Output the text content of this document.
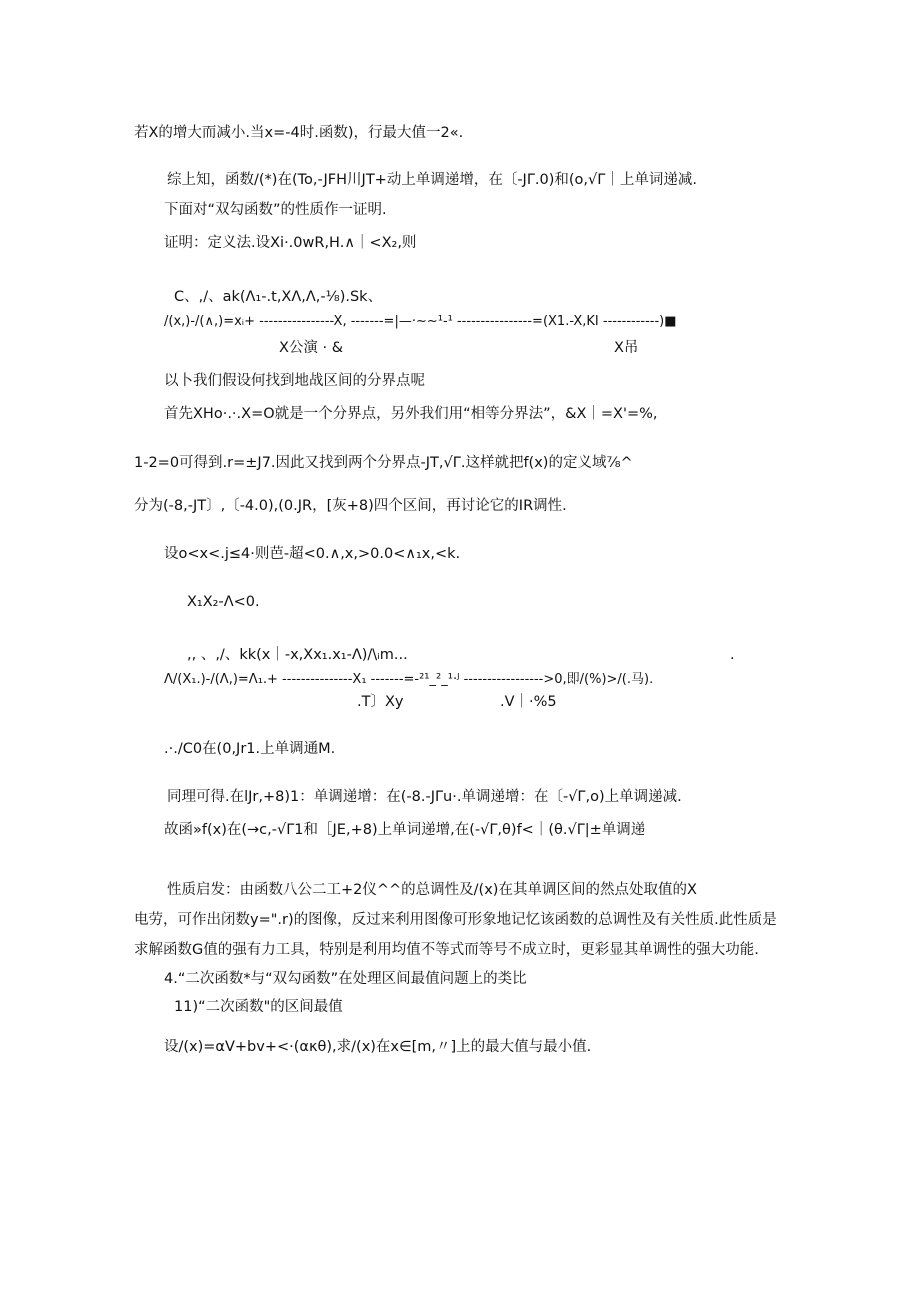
若X的增大而减小.当x=-4时.函数)，行最大值一2«.
综上知，函数/(*)在(To,-JFH川JT+动上单调递增，在〔-JΓ.0)和(o,√Γ｜上单词递减.
下面对“双勾函数”的性质作一证明.
证明：定义法.设Xi·.0wR,H.∧｜<X₂,则
C、,/、ak(Λ₁-.t,XΛ,Λ,-⅛).Sk、
/(x,)-/(∧,)=xᵢ+ ----------------X, -------=|—·~~¹-¹ ----------------=(X1.-X,KI ------------)■
X公演 · &	X吊
以卜我们假设何找到地战区间的分界点呢
首先XHo·.·.X=O就是一个分界点，另外我们用“相等分界法”，&X｜=X'=%,
1-2=0可得到.r=±J7.因此又找到两个分界点-JT,√Γ.这样就把f(x)的定义域⅞^
分为(-8,-JT〕,〔-4.0),(0.JR，[灰+8)四个区间，再讨论它的IR调性.
设o<x<.j≤4·则芭-超<0.∧,x,>0.0<∧₁x,<k.
X₁X₂-Λ<0.
,, 、,/、kk(x｜-x,Xx₁.x₁-Λ)/\ᵢm...	.
Λ/(X₁.)-/(Λ,)=Λ₁.+ ---------------X₁ -------=-²¹_²_¹·ᴶ ----------------->0,即/(%)>/(.马).
.T〕Xy	.V｜·%5
.·./C0在(0,Jr1.上单调通M.
同理可得.在lJr,+8)1：单调递增：在(-8.-JΓu·.单调递增：在〔-√Γ,o)上单调递减.
故函»f(x)在(→c,-√Γ1和［JE,+8)上单词递增,在(-√Γ,θ)f<｜(θ.√Γ|±单调递
性质启发：由函数八公二工+2仪^^的总调性及/(x)在其单调区间的然点处取值的X
电劳，可作出闭数y=".r)的图像，反过来利用图像可形象地记忆该函数的总调性及有关性质.此性质是
求解函数G值的强有力工具，特别是利用均值不等式而等号不成立时，更彩显其单调性的强大功能.
4.“二次函数*与“双勾函数”在处理区间最值问题上的类比
11)“二次函数"的区间最值
设/(x)=αV+bv+<·(ακθ),求/(x)在x∈[m,〃]上的最大值与最小值.
